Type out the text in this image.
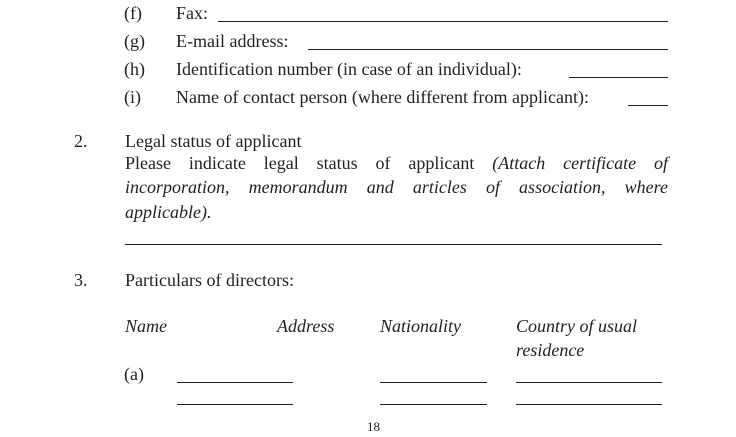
(f) Fax:
(g) E-mail address:
(h) Identification number (in case of an individual):
(i) Name of contact person (where different from applicant):
2. Legal status of applicant
Please indicate legal status of applicant (Attach certificate of
incorporation, memorandum and articles of association, where
applicable).
3. Particulars of directors:
Name	Address	Nationality	Country of usual
residence
(a)
18
